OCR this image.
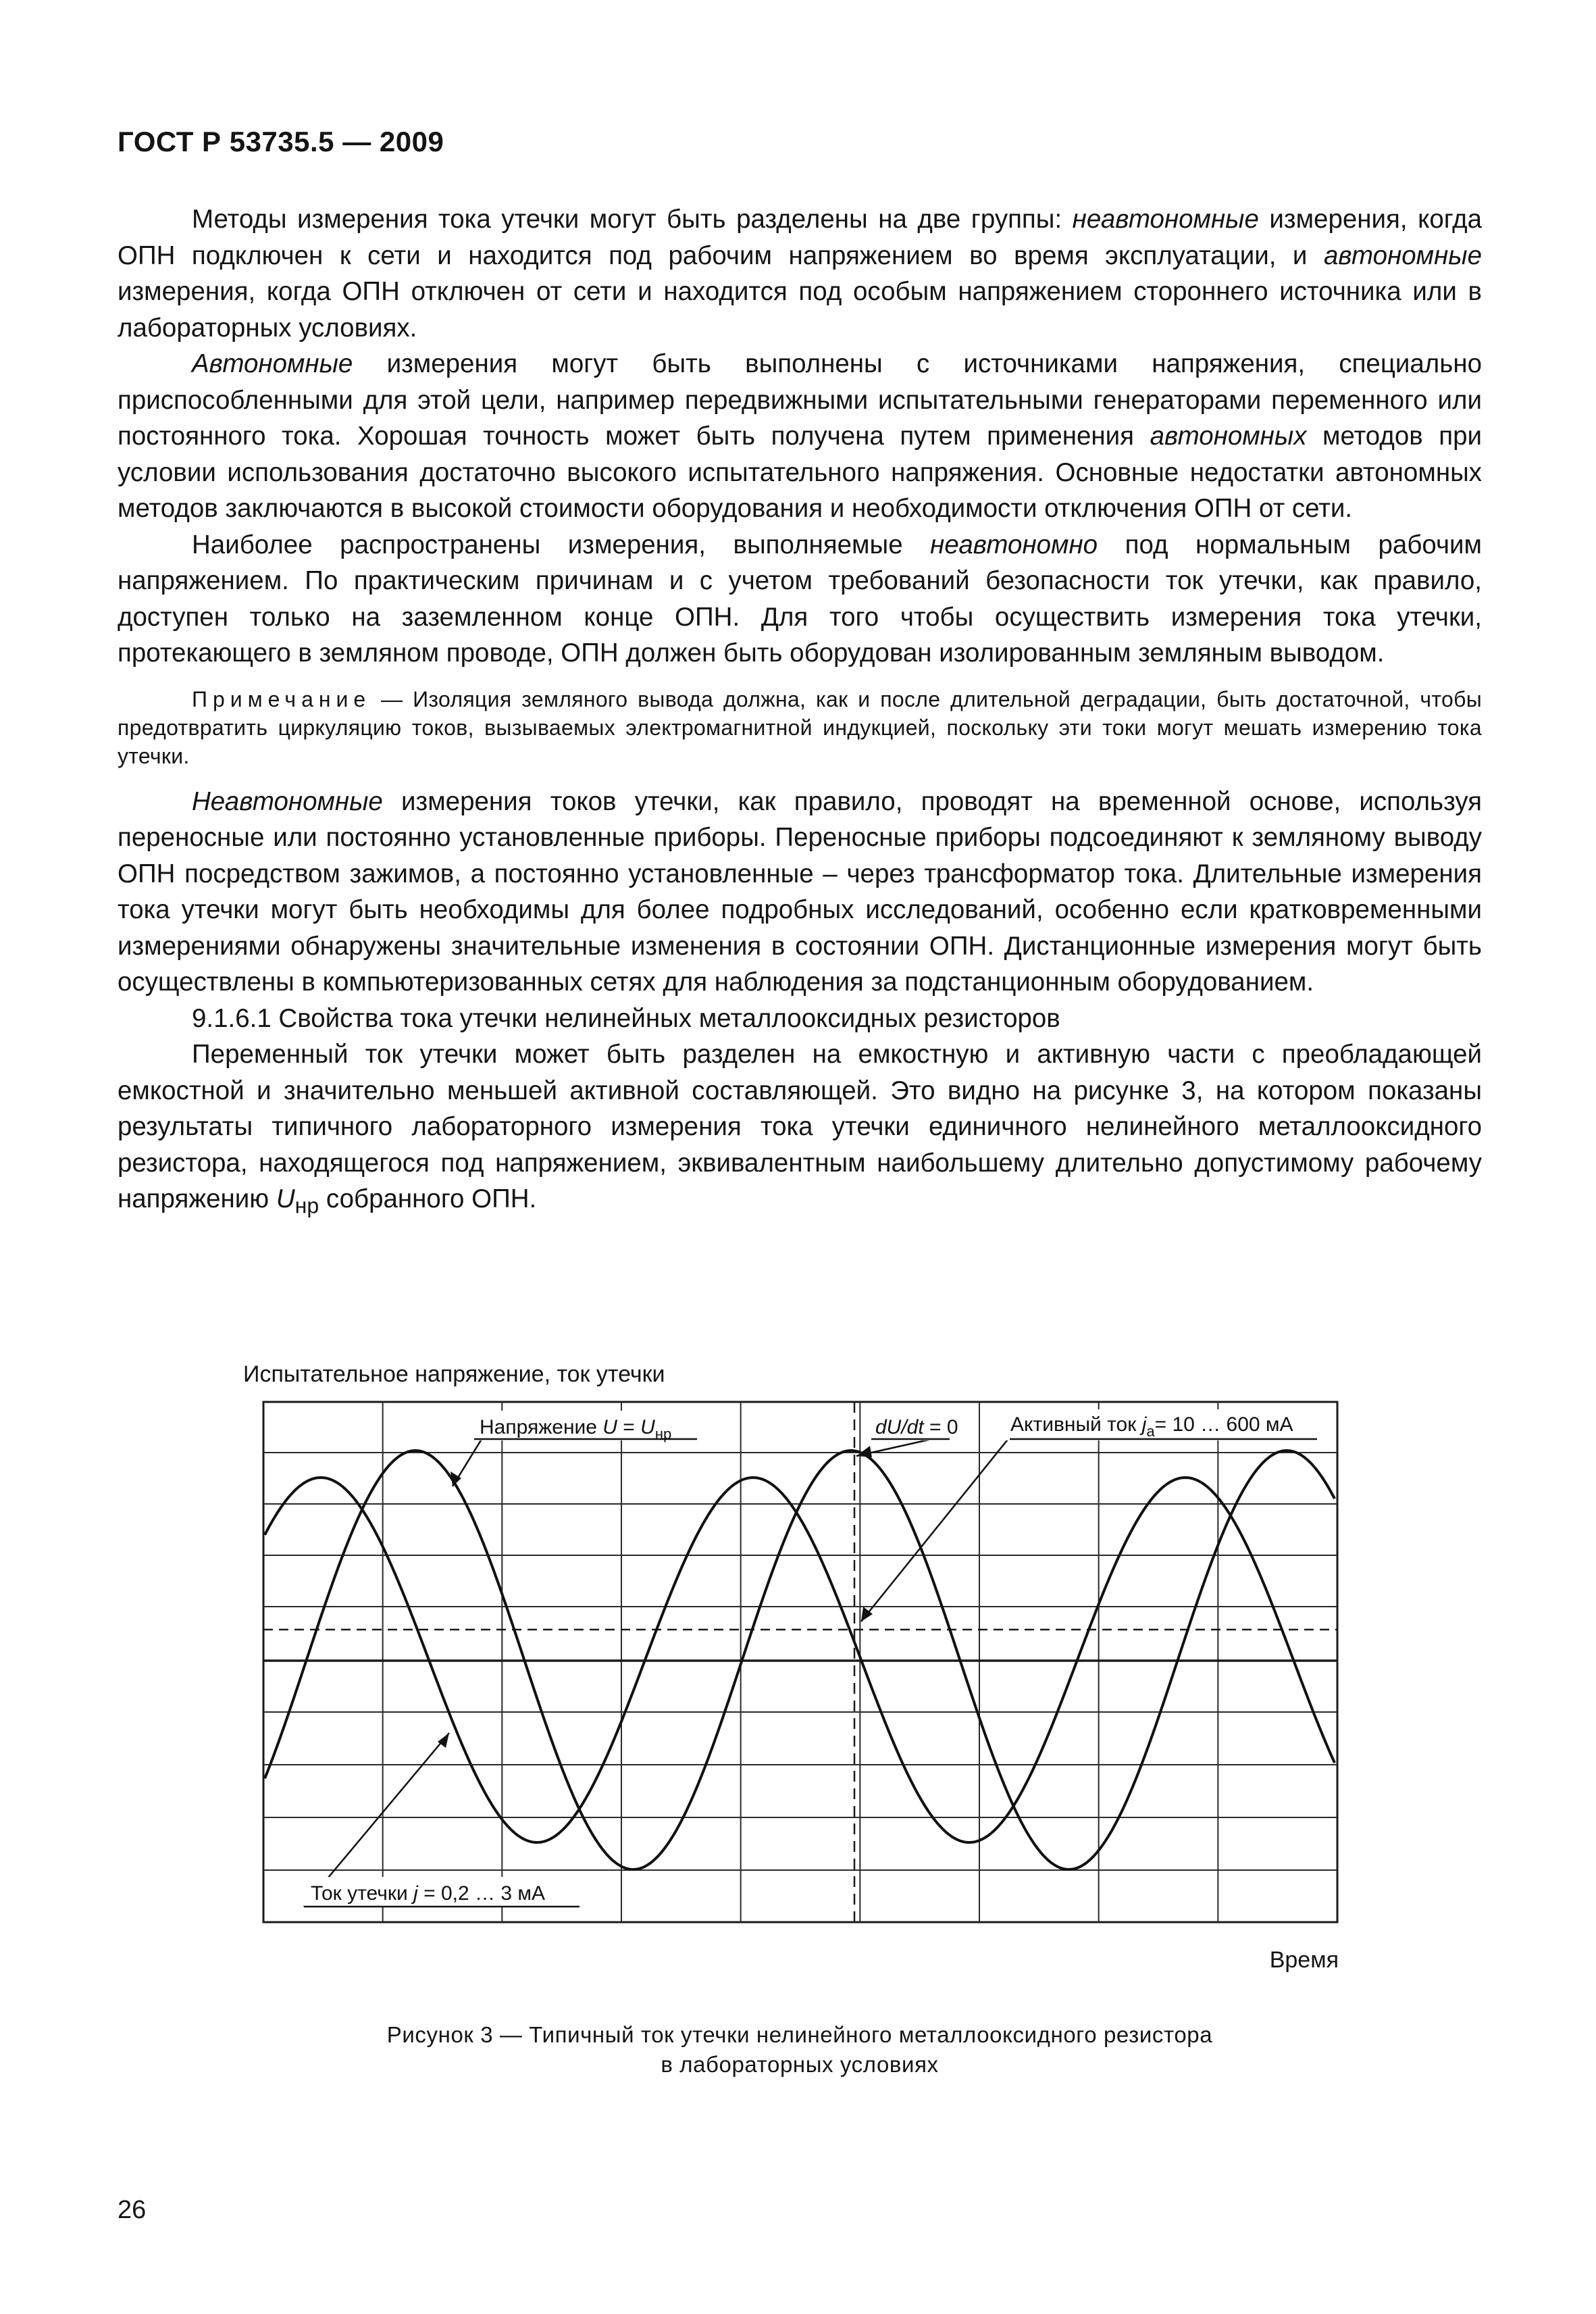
ГОСТ Р 53735.5 — 2009

Методы измерения тока утечки могут быть разделены на две группы: неавтономные измерения, когда ОПН подключен к сети и находится под рабочим напряжением во время эксплуатации, и автономные измерения, когда ОПН отключен от сети и находится под особым напряжением стороннего источника или в лабораторных условиях.

Автономные измерения могут быть выполнены с источниками напряжения, специально приспособленными для этой цели, например передвижными испытательными генераторами переменного или постоянного тока. Хорошая точность может быть получена путем применения автономных методов при условии использования достаточно высокого испытательного напряжения. Основные недостатки автономных методов заключаются в высокой стоимости оборудования и необходимости отключения ОПН от сети.

Наиболее распространены измерения, выполняемые неавтономно под нормальным рабочим напряжением. По практическим причинам и с учетом требований безопасности ток утечки, как правило, доступен только на заземленном конце ОПН. Для того чтобы осуществить измерения тока утечки, протекающего в земляном проводе, ОПН должен быть оборудован изолированным земляным выводом.

Примечание — Изоляция земляного вывода должна, как и после длительной деградации, быть достаточной, чтобы предотвратить циркуляцию токов, вызываемых электромагнитной индукцией, поскольку эти токи могут мешать измерению тока утечки.

Неавтономные измерения токов утечки, как правило, проводят на временной основе, используя переносные или постоянно установленные приборы. Переносные приборы подсоединяют к земляному выводу ОПН посредством зажимов, а постоянно установленные – через трансформатор тока. Длительные измерения тока утечки могут быть необходимы для более подробных исследований, особенно если кратковременными измерениями обнаружены значительные изменения в состоянии ОПН. Дистанционные измерения могут быть осуществлены в компьютеризованных сетях для наблюдения за подстанционным оборудованием.

9.1.6.1 Свойства тока утечки нелинейных металлооксидных резисторов

Переменный ток утечки может быть разделен на емкостную и активную части с преобладающей емкостной и значительно меньшей активной составляющей. Это видно на рисунке 3, на котором показаны результаты типичного лабораторного измерения тока утечки единичного нелинейного металлооксидного резистора, находящегося под напряжением, эквивалентным наибольшему длительно допустимому рабочему напряжению $U_{нр}$ собранного ОПН.

Испытательное напряжение, ток утечки
Напряжение $U = U_{нр}$	dU/dt = 0	Активный ток $j_a= 10$ … 600 мА
Ток утечки j = 0,2 … 3 мА
Время
Рисунок 3 — Типичный ток утечки нелинейного металлооксидного резистора
в лабораторных условиях
26
